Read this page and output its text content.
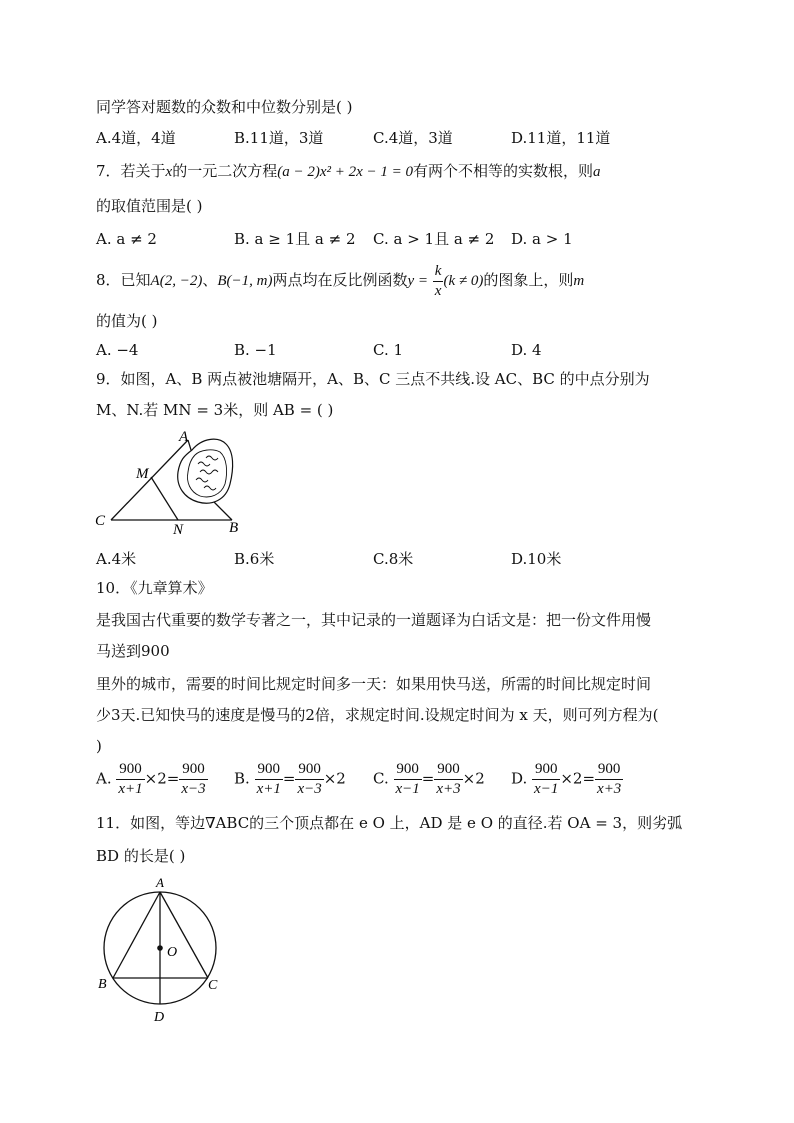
同学答对题数的众数和中位数分别是( )
A.4道，4道	B.11道，3道	C.4道，3道	D.11道，11道
7．若关于x的一元二次方程(a − 2)x² + 2x − 1 = 0有两个不相等的实数根，则a
的取值范围是( )
A. a ≠ 2	B. a ≥ 1且 a ≠ 2 C. a > 1且 a ≠ 2 D. a > 1
8．已知A(2, −2)、B(−1, m)两点均在反比例函数$y = \frac{k}{x} (k \ne 0)$的图象上，则m
的值为( )
A. −4	B. −1	C. 1	D. 4
9．如图，A、B 两点被池塘隔开，A、B、C 三点不共线.设 AC、BC 的中点分别为
M、N.若 MN = 3米，则 AB = ( )
A
M
C
N	B
A.4米	B.6米	C.8米	D.10米
10．《九章算术》
是我国古代重要的数学专著之一，其中记录的一道题译为白话文是：把一份文件用慢
马送到900
里外的城市，需要的时间比规定时间多一天：如果用快马送，所需的时间比规定时间
少3天.已知快马的速度是慢马的2倍，求规定时间.设规定时间为 x 天，则可列方程为(
)
A. $\frac{900}{x+1} \times 2= \frac{900}{x-3} B$. $\frac{900}{x+1} = \frac{900}{x-3} \times 2$ C. $\frac{900}{x-1} = \frac{900}{x+3} \times 2$ D. $\frac{900}{x-1} \times 2= \frac{900}{x+3}$
11．如图，等边∇ABC的三个顶点都在 e O 上，AD 是 e O 的直径.若 OA = 3，则劣弧
BD 的长是( )
A
O
B	C
D
